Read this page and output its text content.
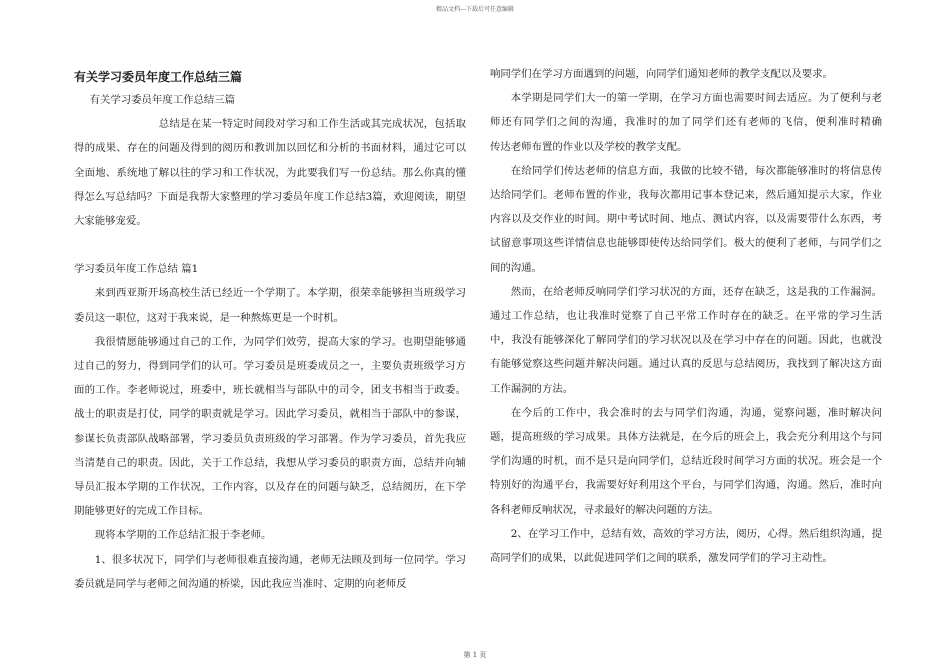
精品文档---下载后可任意编辑
有关学习委员年度工作总结三篇

有关学习委员年度工作总结三篇

　　　　　　　　总结是在某一特定时间段对学习和工作生活或其完成状况，包括取得的成果、存在的问题及得到的阅历和教训加以回忆和分析的书面材料，通过它可以全面地、系统地了解以往的学习和工作状况，为此要我们写一份总结。那么你真的懂得怎么写总结吗？下面是我帮大家整理的学习委员年度工作总结3篇，欢迎阅读，期望大家能够宠爱。

学习委员年度工作总结 篇1

来到西亚斯开场高校生活已经近一个学期了。本学期，很荣幸能够担当班级学习委员这一职位，这对于我来说，是一种熬炼更是一个时机。

我很情愿能够通过自己的工作，为同学们效劳，提高大家的学习。也期望能够通过自己的努力，得到同学们的认可。学习委员是班委成员之一，主要负责班级学习方面的工作。李老师说过，班委中，班长就相当与部队中的司令，团支书相当于政委。战士的职责是打仗，同学的职责就是学习。因此学习委员，就相当于部队中的参谋，参谋长负责部队战略部署，学习委员负责班级的学习部署。作为学习委员，首先我应当清楚自己的职责。因此，关于工作总结，我想从学习委员的职责方面，总结并向辅导员汇报本学期的工作状况，工作内容，以及存在的问题与缺乏，总结阅历，在下学期能够更好的完成工作目标。

现将本学期的工作总结汇报于李老师。

1、很多状况下，同学们与老师很难直接沟通，老师无法顾及到每一位同学。学习委员就是同学与老师之间沟通的桥梁，因此我应当准时、定期的向老师反

响同学们在学习方面遇到的问题，向同学们通知老师的教学支配以及要求。

本学期是同学们大一的第一学期，在学习方面也需要时间去适应。为了便利与老师还有同学们之间的沟通，我准时的加了同学们还有老师的飞信，便利准时精确　　　传达老师布置的作业以及学校的教学支配。

在给同学们传达老师的信息方面，我做的比较不错，每次都能够准时的将信息传达给同学们。老师布置的作业，我每次都用记事本登记来，然后通知提示大家，作业内容以及交作业的时间。期中考试时间、地点、测试内容，以及需要带什么东西，考试留意事项这些详情信息也能够即使传达给同学们。极大的便利了老师，与同学们之间的沟通。

然而，在给老师反响同学们学习状况的方面，还存在缺乏，这是我的工作漏洞。通过工作总结，也让我准时觉察了自己平常工作时存在的缺乏。在平常的学习生活中，我没有能够深化了解同学们的学习状况以及在学习中存在的问题。因此，也就没有能够觉察这些问题并解决问题。通过认真的反思与总结阅历，我找到了解决这方面工作漏洞的方法。

在今后的工作中，我会准时的去与同学们沟通，沟通，觉察问题，准时解决问题，提高班级的学习成果。具体方法就是，在今后的班会上，我会充分利用这个与同学们沟通的时机，而不是只是向同学们，总结近段时间学习方面的状况。班会是一个特别好的沟通平台，我需要好好利用这个平台，与同学们沟通，沟通。然后，准时向各科老师反响状况，寻求最好的解决问题的方法。

2、在学习工作中，总结有效，高效的学习方法，阅历，心得。然后组织沟通，提高同学们的成果，以此促进同学们之间的联系，激发同学们的学习主动性。

第 1 页
